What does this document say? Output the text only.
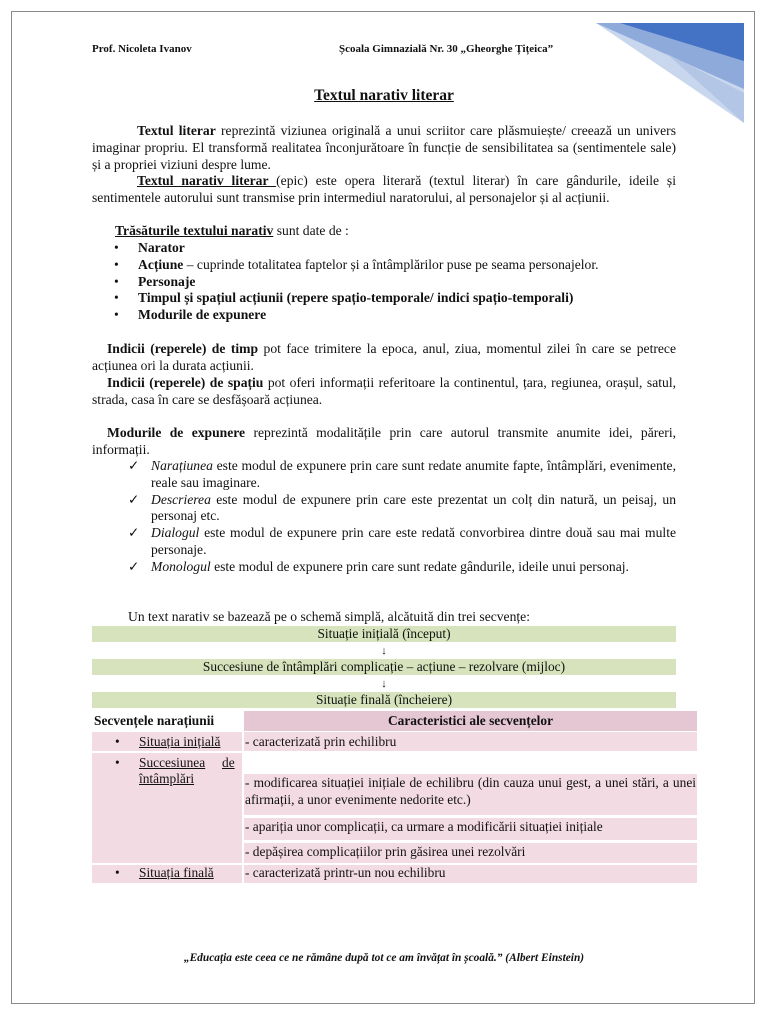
Prof. Nicoleta Ivanov	Școala Gimnazială Nr. 30 „Gheorghe Țițeica”
Textul narativ literar
Textul literar reprezintă viziunea originală a unui scriitor care plăsmuiește/ creează un univers imaginar propriu. El transformă realitatea înconjurătoare în funcție de sensibilitatea sa (sentimentele sale) și a propriei viziuni despre lume.
Textul narativ literar (epic) este opera literară (textul literar) în care gândurile, ideile și sentimentele autorului sunt transmise prin intermediul naratorului, al personajelor și al acțiunii.
Trăsăturile textului narativ sunt date de :
• Narator
• Acțiune – cuprinde totalitatea faptelor și a întâmplărilor puse pe seama personajelor.
• Personaje
• Timpul și spațiul acțiunii (repere spațio-temporale/ indici spațio-temporali)
• Modurile de expunere
Indicii (reperele) de timp pot face trimitere la epoca, anul, ziua, momentul zilei în care se petrece acțiunea ori la durata acțiunii.
Indicii (reperele) de spațiu pot oferi informații referitoare la continentul, țara, regiunea, orașul, satul, strada, casa în care se desfășoară acțiunea.
Modurile de expunere reprezintă modalitățile prin care autorul transmite anumite idei, păreri, informații.
✓ Narațiunea este modul de expunere prin care sunt redate anumite fapte, întâmplări, evenimente, reale sau imaginare.
✓ Descrierea este modul de expunere prin care este prezentat un colț din natură, un peisaj, un personaj etc.
✓ Dialogul este modul de expunere prin care este redată convorbirea dintre două sau mai multe personaje.
✓ Monologul este modul de expunere prin care sunt redate gândurile, ideile unui personaj.
Un text narativ se bazează pe o schemă simplă, alcătuită din trei secvențe:
Situație inițială (început)
↓
Succesiune de întâmplări complicație – acțiune – rezolvare (mijloc)
↓
Situație finală (încheiere)
Secvențele narațiunii	Caracteristici ale secvențelor
• Situația inițială - caracterizată prin echilibru
• Succesiunea de
întâmplări	- modificarea situației inițiale de echilibru (din cauza unui gest, a unei stări, a unei afirmații, a unor evenimente nedorite etc.)
- apariția unor complicații, ca urmare a modificării situației inițiale
- depășirea complicațiilor prin găsirea unei rezolvări
• Situația finală - caracterizată printr-un nou echilibru
„Educația este ceea ce ne rămâne după tot ce am învățat în școală.” (Albert Einstein)
